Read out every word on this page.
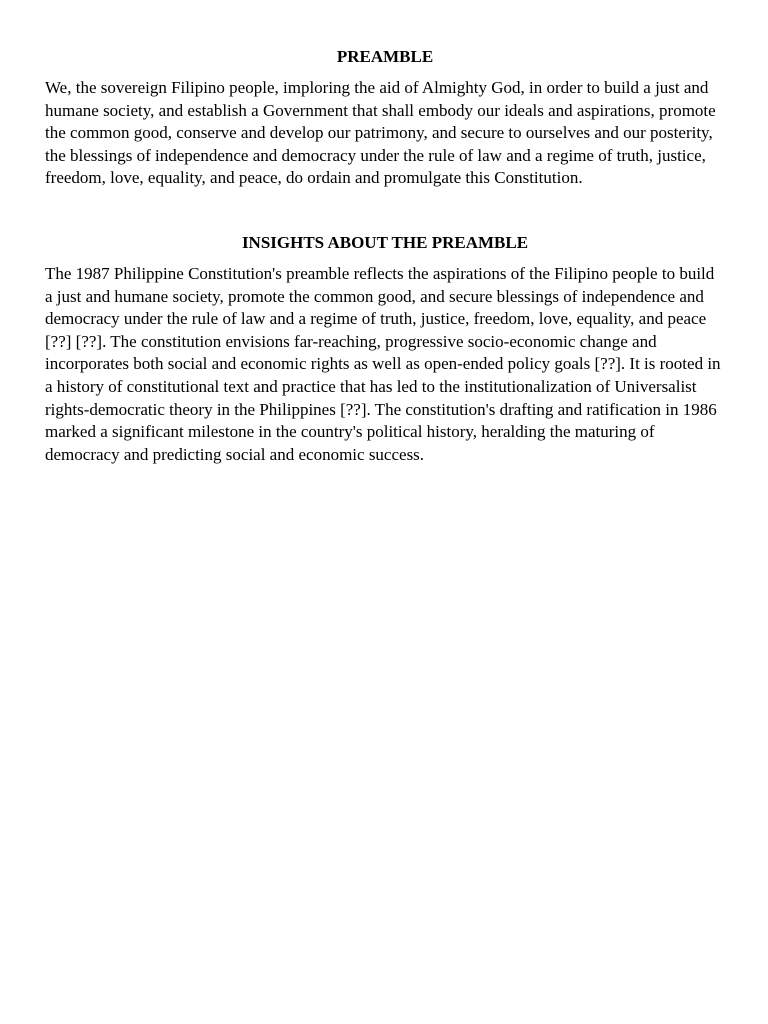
PREAMBLE

We, the sovereign Filipino people, imploring the aid of Almighty God, in order to build a just and humane society, and establish a Government that shall embody our ideals and aspirations, promote the common good, conserve and develop our patrimony, and secure to ourselves and our posterity, the blessings of independence and democracy under the rule of law and a regime of truth, justice, freedom, love, equality, and peace, do ordain and promulgate this Constitution.

INSIGHTS ABOUT THE PREAMBLE

The 1987 Philippine Constitution's preamble reflects the aspirations of the Filipino people to build a just and humane society, promote the common good, and secure blessings of independence and democracy under the rule of law and a regime of truth, justice, freedom, love, equality, and peace [??] [??]. The constitution envisions far-reaching, progressive socio-economic change and incorporates both social and economic rights as well as open-ended policy goals [??]. It is rooted in a history of constitutional text and practice that has led to the institutionalization of Universalist rights-democratic theory in the Philippines [??]. The constitution's drafting and ratification in 1986 marked a significant milestone in the country's political history, heralding the maturing of democracy and predicting social and economic success.
